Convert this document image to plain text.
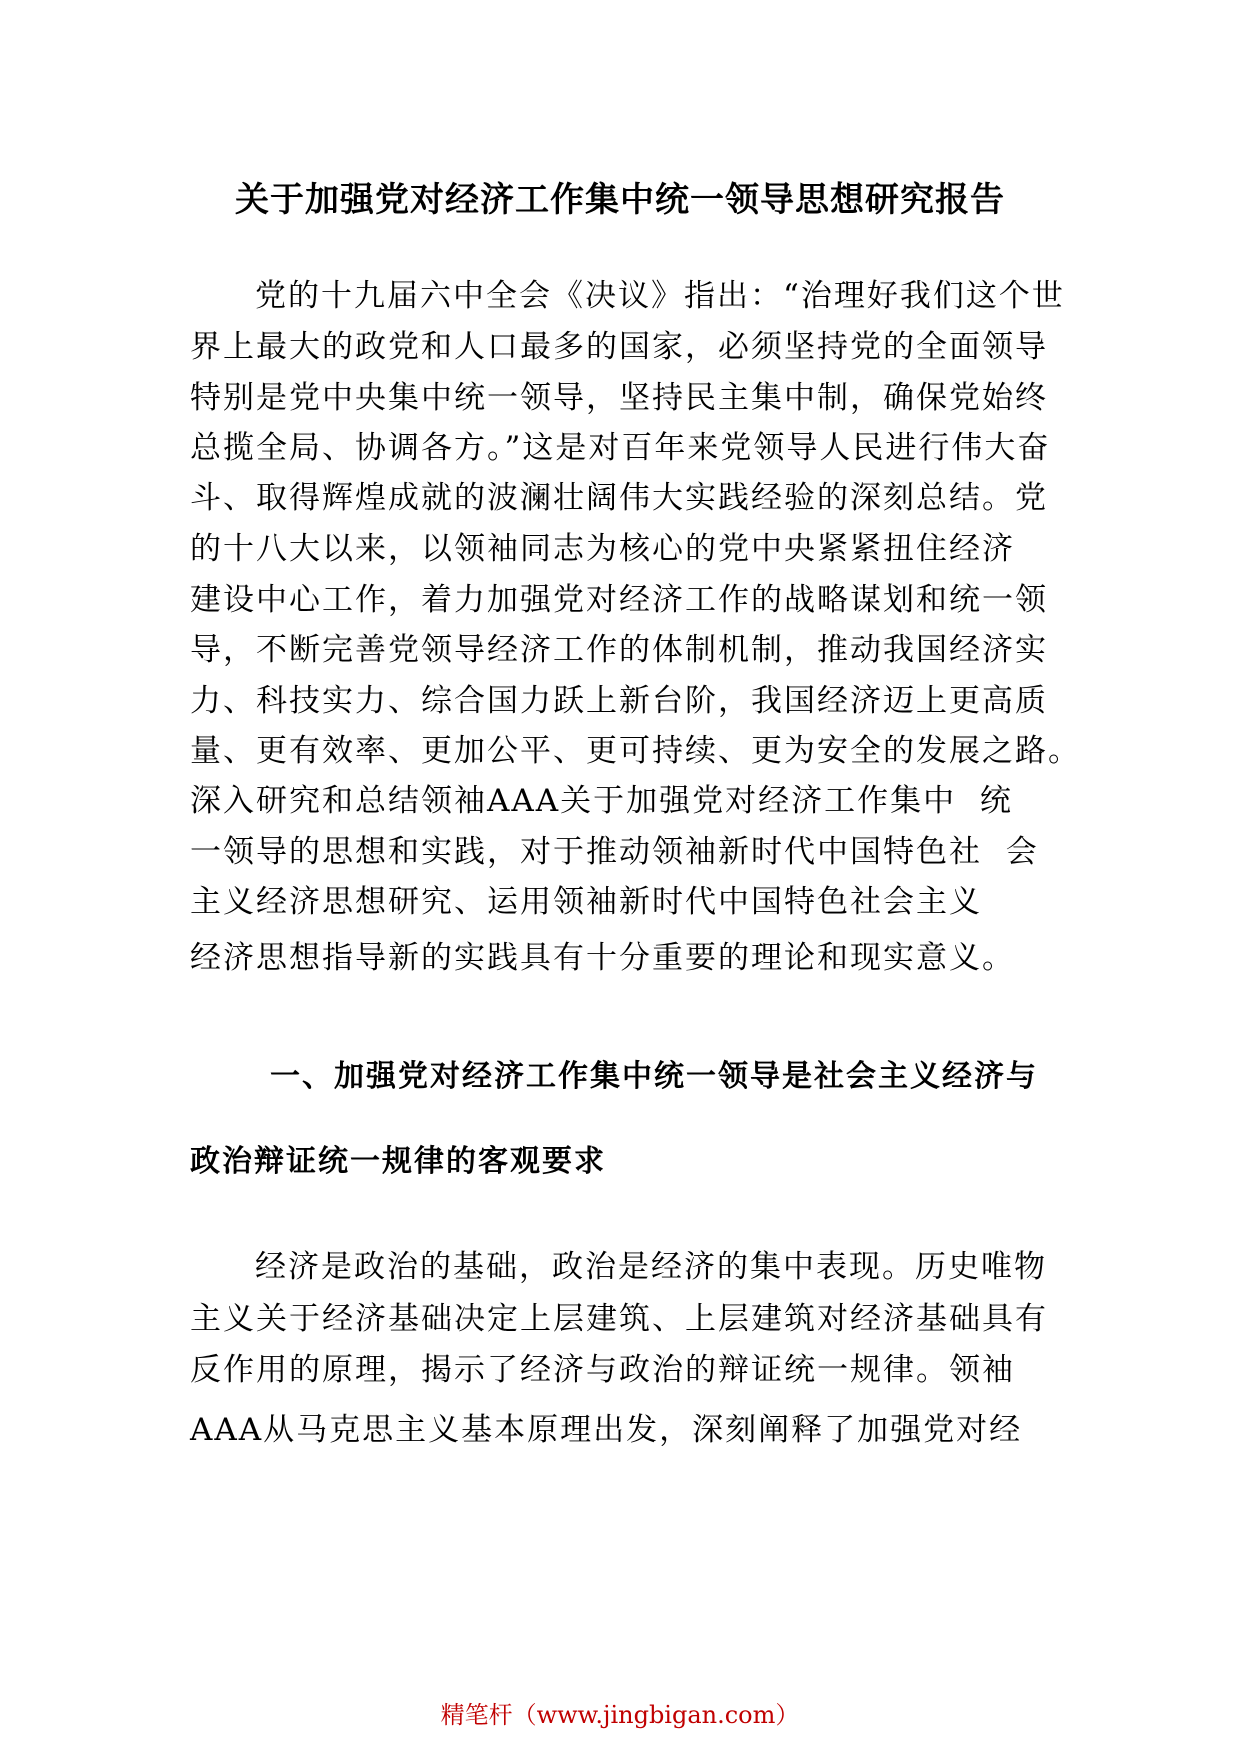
关于加强党对经济工作集中统一领导思想研究报告
党的十九届六中全会《决议》指出：“治理好我们这个世
界上最大的政党和人口最多的国家，必须坚持党的全面领导
特别是党中央集中统一领导，坚持民主集中制，确保党始终
总揽全局、协调各方。”这是对百年来党领导人民进行伟大奋
斗、取得辉煌成就的波澜壮阔伟大实践经验的深刻总结。党
的十八大以来，以领袖同志为核心的党中央紧紧扭住经济
建设中心工作，着力加强党对经济工作的战略谋划和统一领
导，不断完善党领导经济工作的体制机制，推动我国经济实
力、科技实力、综合国力跃上新台阶，我国经济迈上更高质
量、更有效率、更加公平、更可持续、更为安全的发展之路。
深入研究和总结领袖AAA关于加强党对经济工作集中  统
一领导的思想和实践，对于推动领袖新时代中国特色社  会
主义经济思想研究、运用领袖新时代中国特色社会主义
经济思想指导新的实践具有十分重要的理论和现实意义。
一、加强党对经济工作集中统一领导是社会主义经济与
政治辩证统一规律的客观要求
经济是政治的基础，政治是经济的集中表现。历史唯物
主义关于经济基础决定上层建筑、上层建筑对经济基础具有
反作用的原理，揭示了经济与政治的辩证统一规律。领袖
AAA从马克思主义基本原理出发，深刻阐释了加强党对经
精笔杆（www.jingbigan.com）
